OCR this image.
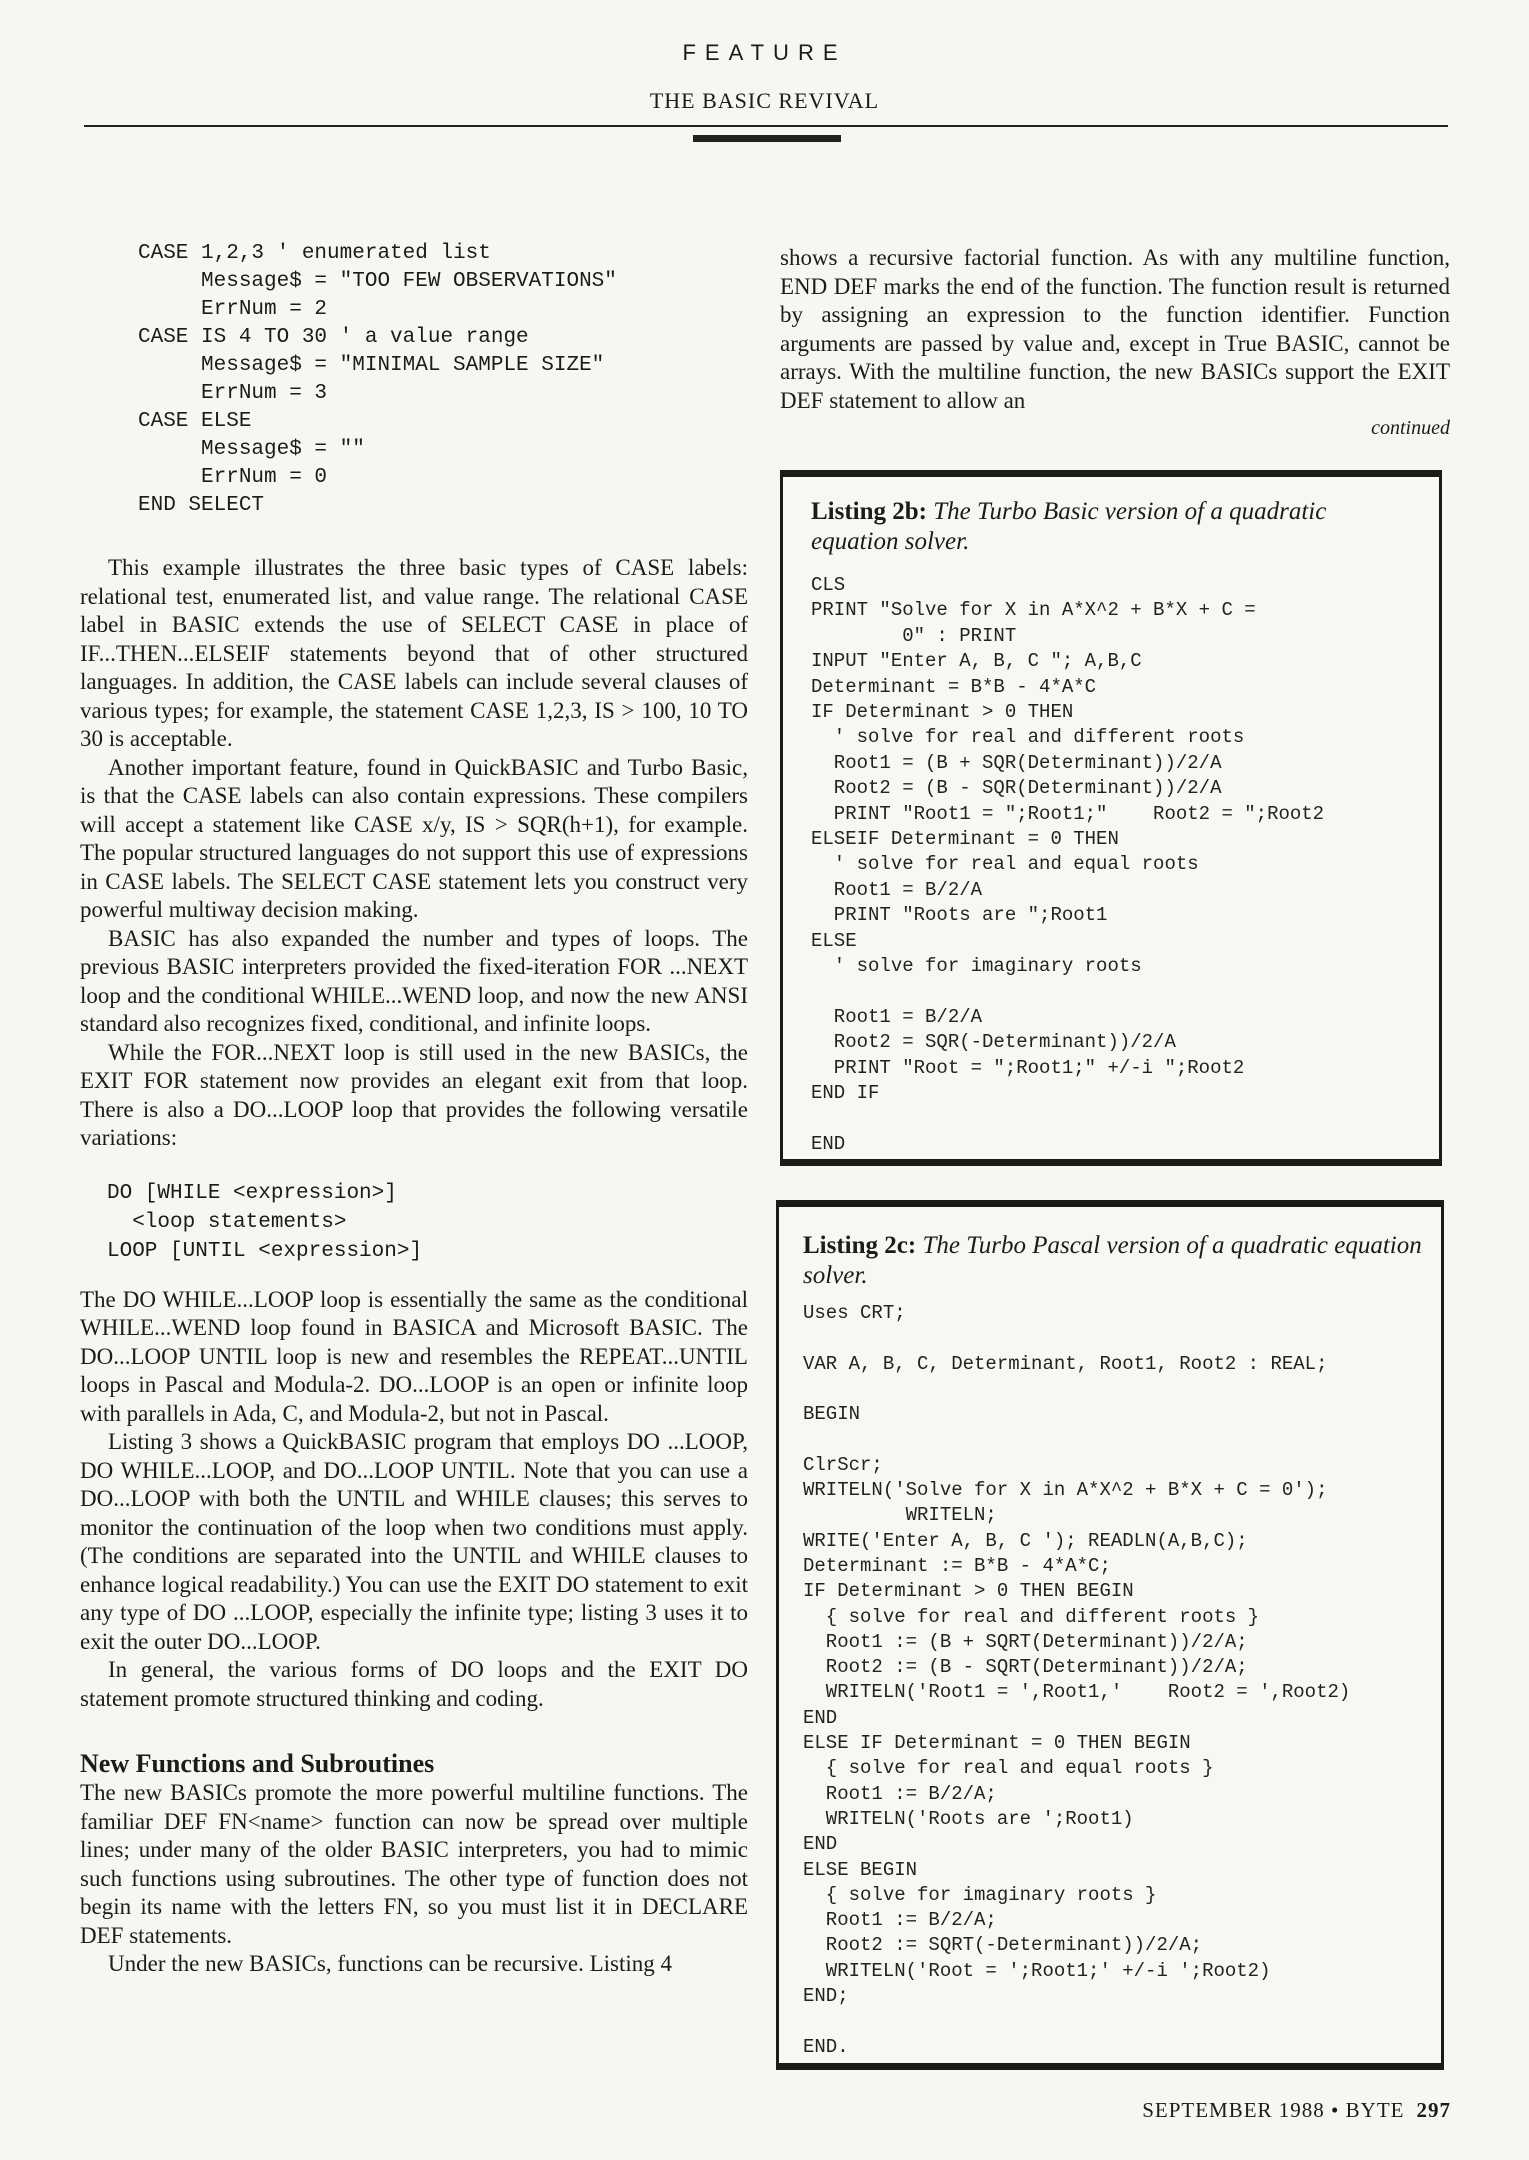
FEATURE
THE BASIC REVIVAL
CASE 1,2,3 ' enumerated list
Message$ = "TOO FEW OBSERVATIONS"
ErrNum = 2
CASE IS 4 TO 30 ' a value range
Message$ = "MINIMAL SAMPLE SIZE"
ErrNum = 3
CASE ELSE
Message$ = ""
ErrNum = 0
END SELECT

This example illustrates the three basic types of CASE labels: relational test, enumerated list, and value range. The relational CASE label in BASIC extends the use of SELECT CASE in place of IF...THEN...ELSEIF statements beyond that of other structured languages. In addition, the CASE labels can include several clauses of various types; for example, the statement CASE 1,2,3, IS > 100, 10 TO 30 is acceptable.

Another important feature, found in QuickBASIC and Turbo Basic, is that the CASE labels can also contain expressions. These compilers will accept a statement like CASE x/y, IS > SQR(h+1), for example. The popular structured languages do not support this use of expressions in CASE labels. The SELECT CASE statement lets you construct very powerful multiway decision making.

BASIC has also expanded the number and types of loops. The previous BASIC interpreters provided the fixed-iteration FOR ...NEXT loop and the conditional WHILE...WEND loop, and now the new ANSI standard also recognizes fixed, conditional, and infinite loops.

While the FOR...NEXT loop is still used in the new BASICs, the EXIT FOR statement now provides an elegant exit from that loop. There is also a DO...LOOP loop that provides the following versatile variations:

DO [WHILE <expression>]
<loop statements>
LOOP [UNTIL <expression>]

The DO WHILE...LOOP loop is essentially the same as the conditional WHILE...WEND loop found in BASICA and Microsoft BASIC. The DO...LOOP UNTIL loop is new and resembles the REPEAT...UNTIL loops in Pascal and Modula-2. DO...LOOP is an open or infinite loop with parallels in Ada, C, and Modula-2, but not in Pascal.

Listing 3 shows a QuickBASIC program that employs DO ...LOOP, DO WHILE...LOOP, and DO...LOOP UNTIL. Note that you can use a DO...LOOP with both the UNTIL and WHILE clauses; this serves to monitor the continuation of the loop when two conditions must apply. (The conditions are separated into the UNTIL and WHILE clauses to enhance logical readability.) You can use the EXIT DO statement to exit any type of DO ...LOOP, especially the infinite type; listing 3 uses it to exit the outer DO...LOOP.

In general, the various forms of DO loops and the EXIT DO statement promote structured thinking and coding.

New Functions and Subroutines

The new BASICs promote the more powerful multiline functions. The familiar DEF FN<name> function can now be spread over multiple lines; under many of the older BASIC interpreters, you had to mimic such functions using subroutines. The other type of function does not begin its name with the letters FN, so you must list it in DECLARE DEF statements.

Under the new BASICs, functions can be recursive. Listing 4

shows a recursive factorial function. As with any multiline function, END DEF marks the end of the function. The function result is returned by assigning an expression to the function identifier. Function arguments are passed by value and, except in True BASIC, cannot be arrays. With the multiline function, the new BASICs support the EXIT DEF statement to allow an

continued

Listing 2b: The Turbo Basic version of a quadratic equation solver.

CLS
PRINT "Solve for X in A*X^2 + B*X + C =
0" : PRINT
INPUT "Enter A, B, C "; A,B,C
Determinant = B*B - 4*A*C
IF Determinant > 0 THEN
' solve for real and different roots
Root1 = (B + SQR(Determinant))/2/A
Root2 = (B - SQR(Determinant))/2/A
PRINT "Root1 = ";Root1;"    Root2 = ";Root2
ELSEIF Determinant = 0 THEN
' solve for real and equal roots
Root1 = B/2/A
PRINT "Roots are ";Root1
ELSE
' solve for imaginary roots

Root1 = B/2/A
Root2 = SQR(-Determinant))/2/A
PRINT "Root = ";Root1;" +/-i ";Root2
END IF

END

Listing 2c: The Turbo Pascal version of a quadratic equation solver.

Uses CRT;

VAR A, B, C, Determinant, Root1, Root2 : REAL;

BEGIN

ClrScr;
WRITELN('Solve for X in A*X^2 + B*X + C = 0');
WRITELN;
WRITE('Enter A, B, C '); READLN(A,B,C);
Determinant := B*B - 4*A*C;
IF Determinant > 0 THEN BEGIN
{ solve for real and different roots }
Root1 := (B + SQRT(Determinant))/2/A;
Root2 := (B - SQRT(Determinant))/2/A;
WRITELN('Root1 = ',Root1,'    Root2 = ',Root2)
END
ELSE IF Determinant = 0 THEN BEGIN
{ solve for real and equal roots }
Root1 := B/2/A;
WRITELN('Roots are ';Root1)
END
ELSE BEGIN
{ solve for imaginary roots }
Root1 := B/2/A;
Root2 := SQRT(-Determinant))/2/A;
WRITELN('Root = ';Root1;' +/-i ';Root2)
END;

END.
SEPTEMBER 1988 • BYTE 297
